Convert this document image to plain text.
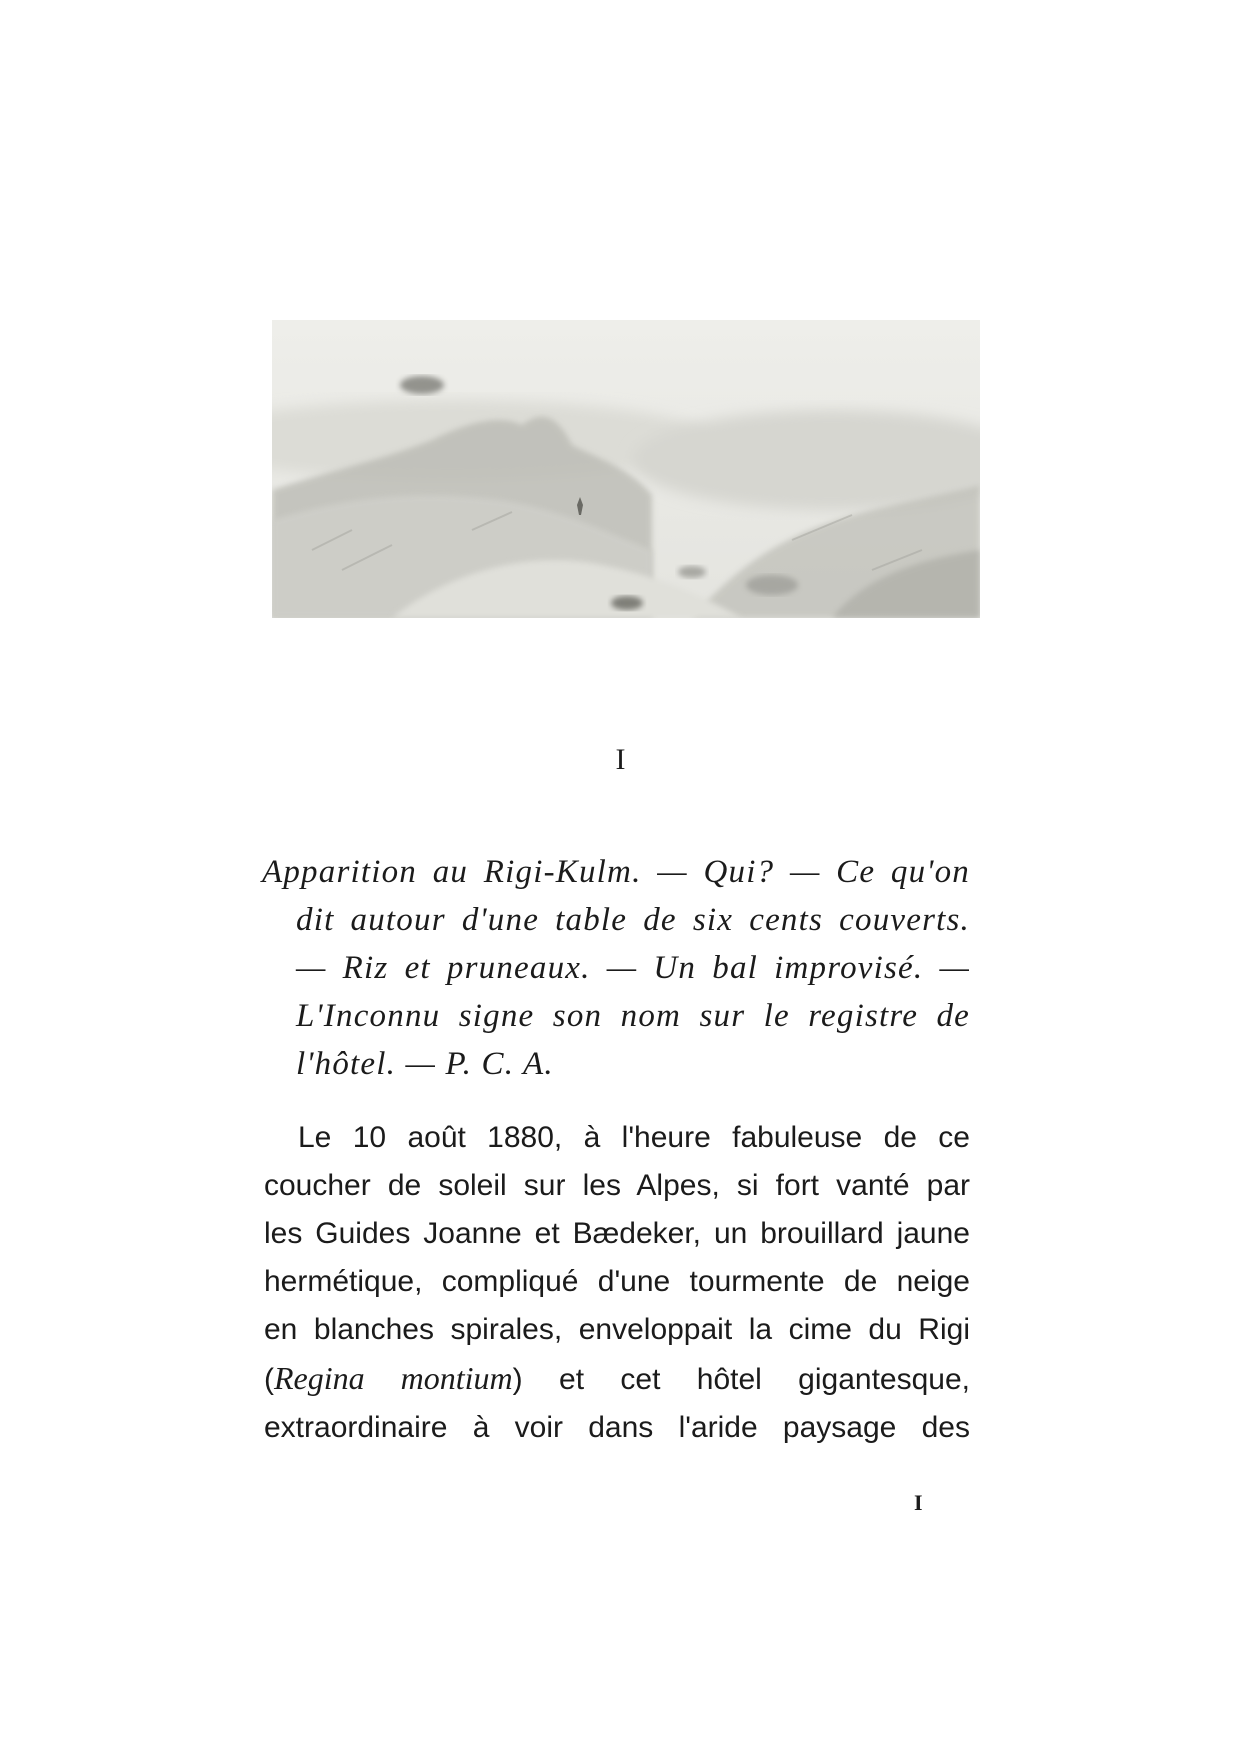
I
Apparition au Rigi-Kulm. — Qui? — Ce qu'on
dit autour d'une table de six cents couverts.
— Riz et pruneaux. — Un bal improvisé. —
L'Inconnu signe son nom sur le registre de
l'hôtel. — P. C. A.
Le 10 août 1880, à l'heure fabuleuse de ce
coucher de soleil sur les Alpes, si fort vanté par
les Guides Joanne et Bædeker, un brouillard jaune
hermétique, compliqué d'une tourmente de neige
en blanches spirales, enveloppait la cime du Rigi
(Regina montium) et cet hôtel gigantesque,
extraordinaire à voir dans l'aride paysage des
I
